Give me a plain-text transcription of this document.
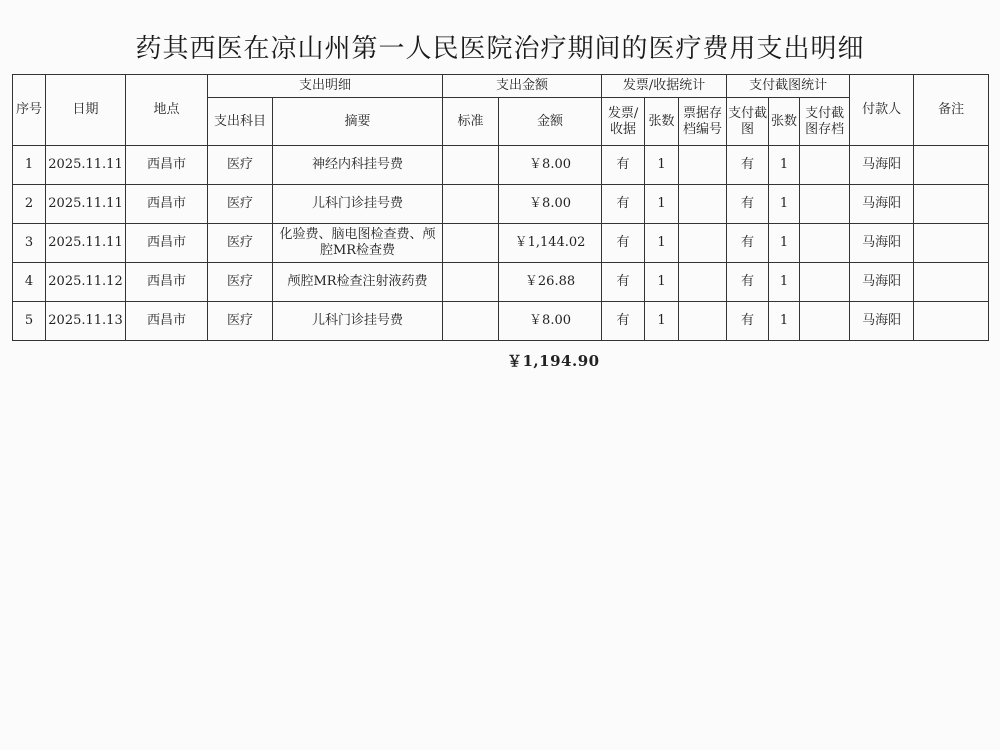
药其西医在凉山州第一人民医院治疗期间的医疗费用支出明细
序号	日期	地点	支出明细		支出金额		发票/收据统计			支付截图统计			付款人	备注
			支出科目	摘要	标准	金额	发票/收据	张数	票据存档编号	支付截图	张数	支付截图存档		
1	2025.11.11	西昌市	医疗	神经内科挂号费		￥8.00	有	1		有	1		马海阳	
2	2025.11.11	西昌市	医疗	儿科门诊挂号费		￥8.00	有	1		有	1		马海阳	
3	2025.11.11	西昌市	医疗	化验费、脑电图检查费、颅腔MR检查费		￥1,144.02	有	1		有	1		马海阳	
4	2025.11.12	西昌市	医疗	颅腔MR检查注射液药费		￥26.88	有	1		有	1		马海阳	
5	2025.11.13	西昌市	医疗	儿科门诊挂号费		￥8.00	有	1		有	1		马海阳	
￥1,194.90
